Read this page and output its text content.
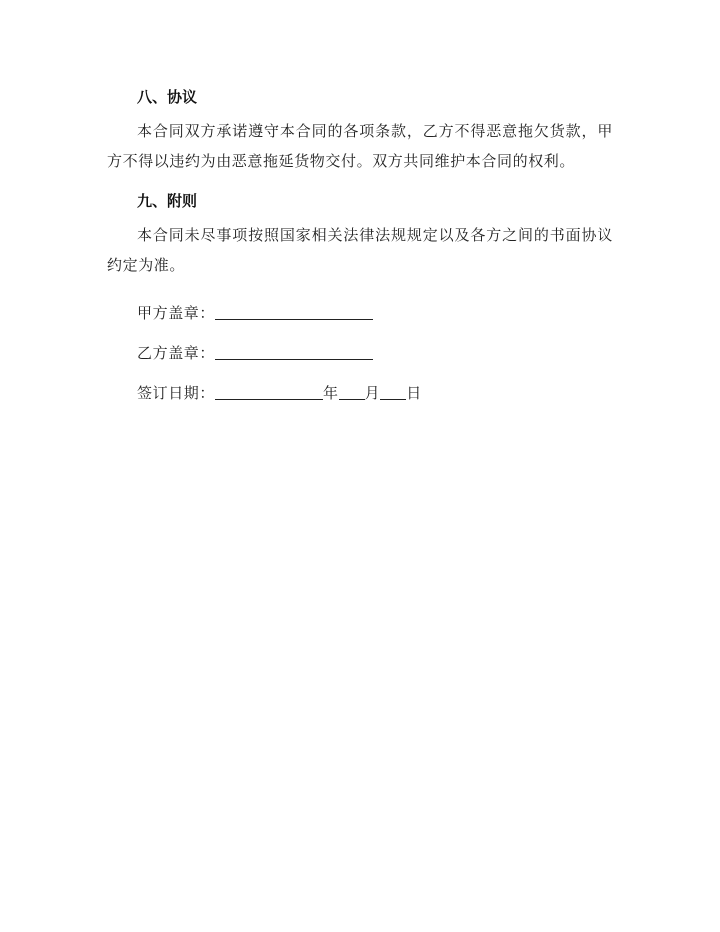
八、协议

本合同双方承诺遵守本合同的各项条款，乙方不得恶意拖欠货款，甲方不得以违约为由恶意拖延货物交付。双方共同维护本合同的权利。

九、附则

本合同未尽事项按照国家相关法律法规规定以及各方之间的书面协议约定为准。

甲方盖章：
乙方盖章：
签订日期：	年 月 日
